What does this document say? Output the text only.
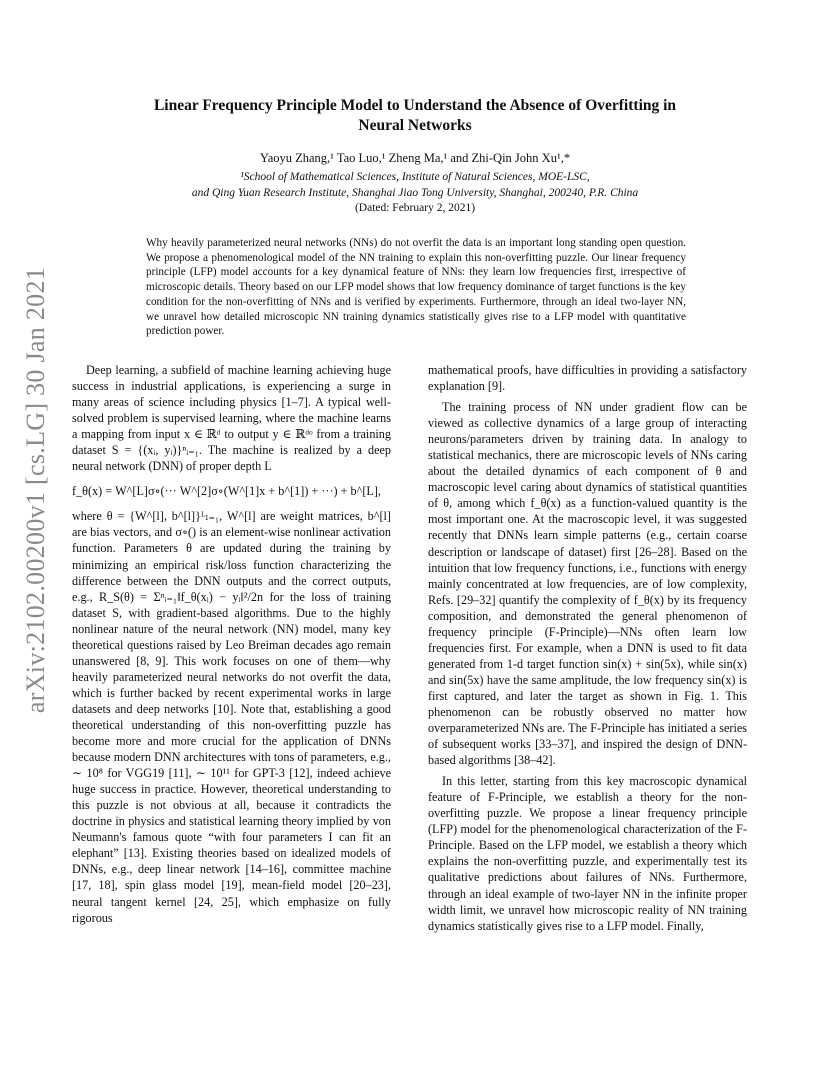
arXiv:2102.00200v1 [cs.LG] 30 Jan 2021
Linear Frequency Principle Model to Understand the Absence of Overfitting in
Neural Networks
Yaoyu Zhang,¹ Tao Luo,¹ Zheng Ma,¹ and Zhi-Qin John Xu¹,*
¹School of Mathematical Sciences, Institute of Natural Sciences, MOE-LSC,
and Qing Yuan Research Institute, Shanghai Jiao Tong University, Shanghai, 200240, P.R. China
(Dated: February 2, 2021)
Why heavily parameterized neural networks (NNs) do not overfit the data is an important long standing open question. We propose a phenomenological model of the NN training to explain this non-overfitting puzzle. Our linear frequency principle (LFP) model accounts for a key dynamical feature of NNs: they learn low frequencies first, irrespective of microscopic details. Theory based on our LFP model shows that low frequency dominance of target functions is the key condition for the non-overfitting of NNs and is verified by experiments. Furthermore, through an ideal two-layer NN, we unravel how detailed microscopic NN training dynamics statistically gives rise to a LFP model with quantitative prediction power.

Deep learning, a subfield of machine learning achieving huge success in industrial applications, is experiencing a surge in many areas of science including physics [1–7]. A typical well-solved problem is supervised learning, where the machine learns a mapping from input x ∈ ℝᵈ to output y ∈ ℝᵈᵒ from a training dataset S = {(xᵢ, yᵢ)}ⁿᵢ₌₁. The machine is realized by a deep neural network (DNN) of proper depth L

f_θ(x) = W^[L]σ∘(··· W^[2]σ∘(W^[1]x + b^[1]) + ···) + b^[L],

where θ = {W^[l], b^[l]}ᴸₗ₌₁, W^[l] are weight matrices, b^[l] are bias vectors, and σ∘() is an element-wise nonlinear activation function. Parameters θ are updated during the training by minimizing an empirical risk/loss function characterizing the difference between the DNN outputs and the correct outputs, e.g., R_S(θ) = Σⁿᵢ₌₁‖f_θ(xᵢ) − yᵢ‖²/2n for the loss of training dataset S, with gradient-based algorithms. Due to the highly nonlinear nature of the neural network (NN) model, many key theoretical questions raised by Leo Breiman decades ago remain unanswered [8, 9]. This work focuses on one of them—why heavily parameterized neural networks do not overfit the data, which is further backed by recent experimental works in large datasets and deep networks [10]. Note that, establishing a good theoretical understanding of this non-overfitting puzzle has become more and more crucial for the application of DNNs because modern DNN architectures with tons of parameters, e.g., ∼ 10⁸ for VGG19 [11], ∼ 10¹¹ for GPT-3 [12], indeed achieve huge success in practice. However, theoretical understanding to this puzzle is not obvious at all, because it contradicts the doctrine in physics and statistical learning theory implied by von Neumann's famous quote “with four parameters I can fit an elephant” [13]. Existing theories based on idealized models of DNNs, e.g., deep linear network [14–16], committee machine [17, 18], spin glass model [19], mean-field model [20–23], neural tangent kernel [24, 25], which emphasize on fully rigorous

mathematical proofs, have difficulties in providing a satisfactory explanation [9].

The training process of NN under gradient flow can be viewed as collective dynamics of a large group of interacting neurons/parameters driven by training data. In analogy to statistical mechanics, there are microscopic levels of NNs caring about the detailed dynamics of each component of θ and macroscopic level caring about dynamics of statistical quantities of θ, among which f_θ(x) as a function-valued quantity is the most important one. At the macroscopic level, it was suggested recently that DNNs learn simple patterns (e.g., certain coarse description or landscape of dataset) first [26–28]. Based on the intuition that low frequency functions, i.e., functions with energy mainly concentrated at low frequencies, are of low complexity, Refs. [29–32] quantify the complexity of f_θ(x) by its frequency composition, and demonstrated the general phenomenon of frequency principle (F-Principle)—NNs often learn low frequencies first. For example, when a DNN is used to fit data generated from 1-d target function sin(x) + sin(5x), while sin(x) and sin(5x) have the same amplitude, the low frequency sin(x) is first captured, and later the target as shown in Fig. 1. This phenomenon can be robustly observed no matter how overparameterized NNs are. The F-Principle has initiated a series of subsequent works [33–37], and inspired the design of DNN-based algorithms [38–42].

In this letter, starting from this key macroscopic dynamical feature of F-Principle, we establish a theory for the non-overfitting puzzle. We propose a linear frequency principle (LFP) model for the phenomenological characterization of the F-Principle. Based on the LFP model, we establish a theory which explains the non-overfitting puzzle, and experimentally test its qualitative predictions about failures of NNs. Furthermore, through an ideal example of two-layer NN in the infinite proper width limit, we unravel how microscopic reality of NN training dynamics statistically gives rise to a LFP model. Finally,
